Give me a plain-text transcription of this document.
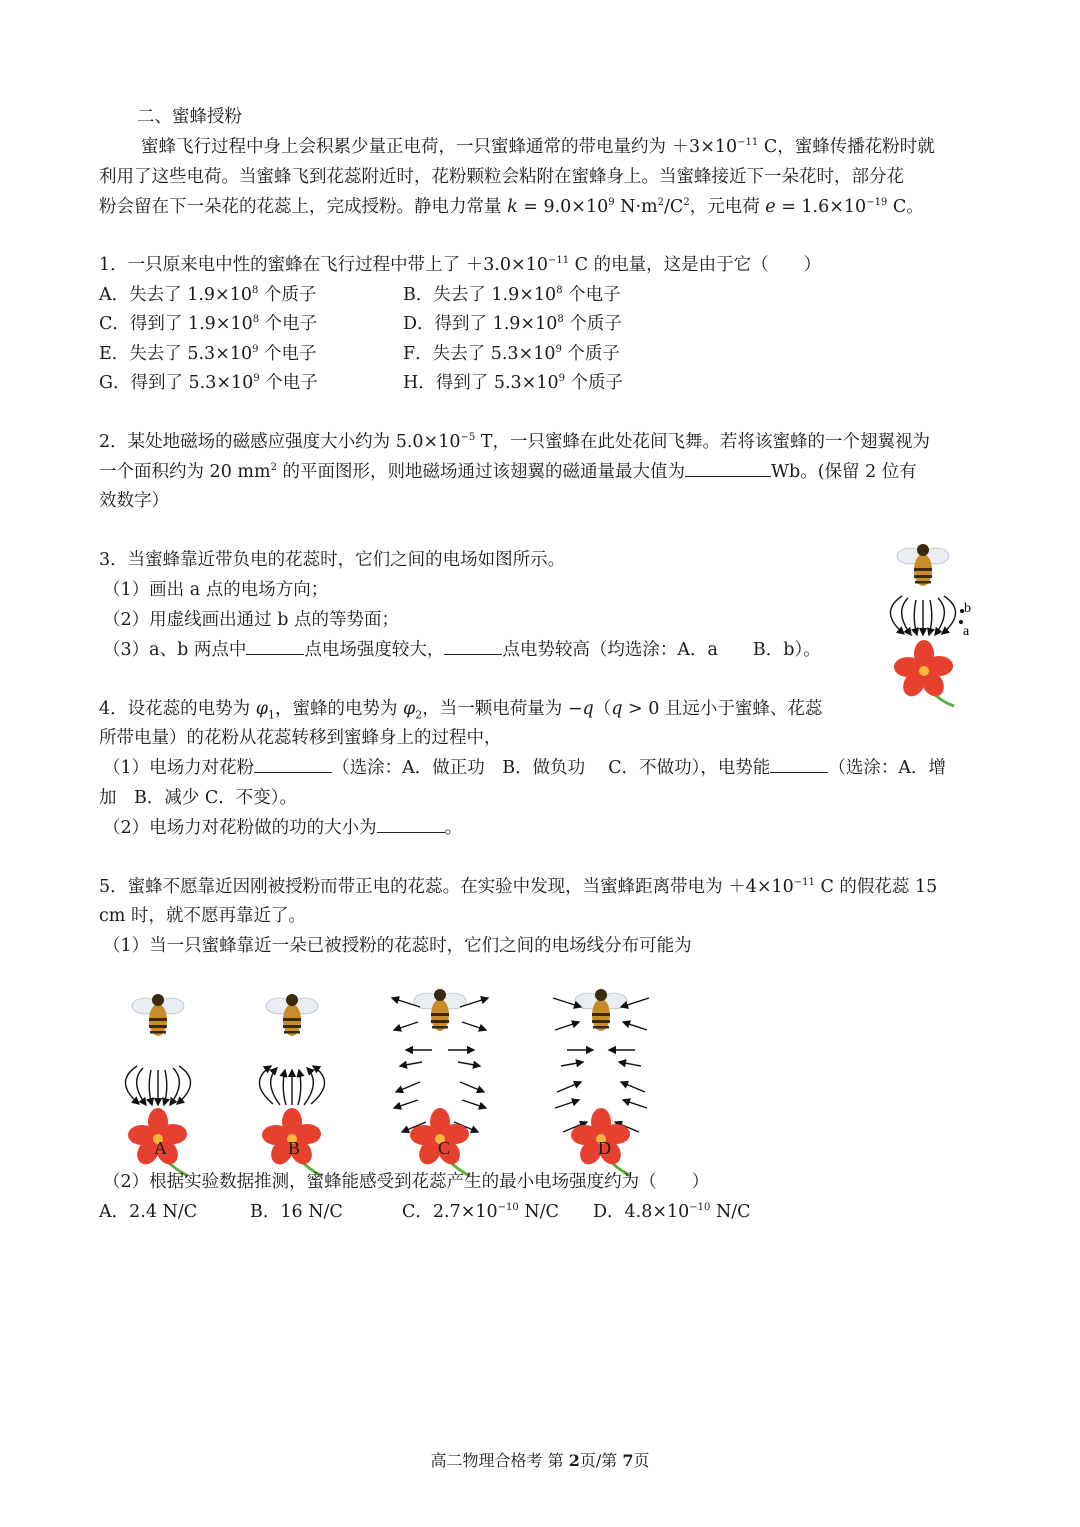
二、蜜蜂授粉
蜜蜂飞行过程中身上会积累少量正电荷，一只蜜蜂通常的带电量约为 $+3\times 10^{-11}$ C，蜜蜂传播花粉时就
利用了这些电荷。当蜜蜂飞到花蕊附近时，花粉颗粒会粘附在蜜蜂身上。当蜜蜂接近下一朵花时，部分花
粉会留在下一朵花的花蕊上，完成授粉。静电力常量 $k = 9.0\times 10^9$ $N\cdot m^2/C^2$，元电荷 $e = 1.6\times 10^{-19}$ C。
1．一只原来电中性的蜜蜂在飞行过程中带上了 $+3.0\times 10^{-11}$ C 的电量，这是由于它（　　）
A．失去了 $1.9\times 10^8$ 个质子	B．失去了 $1.9\times 10^8$ 个电子
C．得到了 $1.9\times 10^8$ 个电子	D．得到了 $1.9\times 10^8$ 个质子
E．失去了 $5.3\times 10^9$ 个电子	F．失去了 $5.3\times 10^9$ 个质子
G．得到了 $5.3\times 10^9$ 个电子	H．得到了 $5.3\times 10^9$ 个质子
2．某处地磁场的磁感应强度大小约为 $5.0\times 10^{-5}$ T，一只蜜蜂在此处花间飞舞。若将该蜜蜂的一个翅翼视为
一个面积约为 20 $mm^2$ 的平面图形，则地磁场通过该翅翼的磁通量最大值为	Wb。(保留 2 位有
效数字）
3．当蜜蜂靠近带负电的花蕊时，它们之间的电场如图所示。
（1）画出 a 点的电场方向；
（2）用虚线画出通过 b 点的等势面；
（3）a、b 两点中	点电场强度较大，	点电势较高（均选涂：A．a　　B．b）。
b
a
4．设花蕊的电势为 $\varphi_1$，蜜蜂的电势为 $\varphi_2$，当一颗电荷量为 −q（q > 0 且远小于蜜蜂、花蕊
所带电量）的花粉从花蕊转移到蜜蜂身上的过程中，
（1）电场力对花粉	（选涂：A．做正功　B．做负功　 C．不做功），电势能	（选涂：A．增
加　B．减少 C．不变）。
（2）电场力对花粉做的功的大小为	。
5．蜜蜂不愿靠近因刚被授粉而带正电的花蕊。在实验中发现，当蜜蜂距离带电为 $+4\times 10^{-11}$ C 的假花蕊 15
cm 时，就不愿再靠近了。
（1）当一只蜜蜂靠近一朵已被授粉的花蕊时，它们之间的电场线分布可能为
A	B	C	D
（2）根据实验数据推测，蜜蜂能感受到花蕊产生的最小电场强度约为（　　）
A．2.4 N/C	B．16 N/C	C．$2.7\times 10^{-10}$ N/C D．$4.8\times 10^{-10}$ N/C
高二物理合格考 第 2页/第 7页
